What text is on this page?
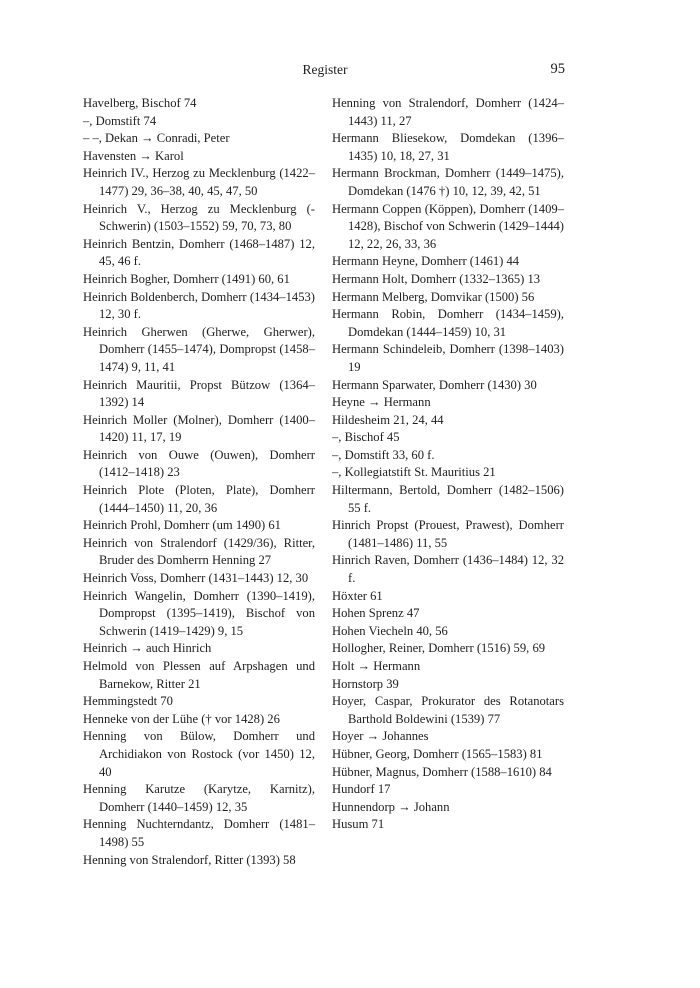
Register	95

Havelberg, Bischof 74

–, Domstift 74

– –, Dekan → Conradi, Peter

Havensten → Karol

Heinrich IV., Herzog zu Mecklenburg (1422–1477) 29, 36–38, 40, 45, 47, 50

Heinrich V., Herzog zu Mecklenburg (-Schwerin) (1503–1552) 59, 70, 73, 80

Heinrich Bentzin, Domherr (1468–1487) 12, 45, 46 f.

Heinrich Bogher, Domherr (1491) 60, 61

Heinrich Boldenberch, Domherr (1434–1453) 12, 30 f.

Heinrich Gherwen (Gherwe, Gherwer), Domherr (1455–1474), Dompropst (1458–1474) 9, 11, 41

Heinrich Mauritii, Propst Bützow (1364–1392) 14

Heinrich Moller (Molner), Domherr (1400–1420) 11, 17, 19

Heinrich von Ouwe (Ouwen), Domherr (1412–1418) 23

Heinrich Plote (Ploten, Plate), Domherr (1444–1450) 11, 20, 36

Heinrich Prohl, Domherr (um 1490) 61

Heinrich von Stralendorf (1429/36), Ritter, Bruder des Domherrn Henning 27

Heinrich Voss, Domherr (1431–1443) 12, 30

Heinrich Wangelin, Domherr (1390–1419), Dompropst (1395–1419), Bischof von Schwerin (1419–1429) 9, 15

Heinrich → auch Hinrich

Helmold von Plessen auf Arpshagen und Barnekow, Ritter 21

Hemmingstedt 70

Henneke von der Lühe († vor 1428) 26

Henning von Bülow, Domherr und Archidiakon von Rostock (vor 1450) 12, 40

Henning Karutze (Karytze, Karnitz), Domherr (1440–1459) 12, 35

Henning Nuchterndantz, Domherr (1481–1498) 55

Henning von Stralendorf, Ritter (1393) 58

Henning von Stralendorf, Domherr (1424–1443) 11, 27

Hermann Bliesekow, Domdekan (1396–1435) 10, 18, 27, 31

Hermann Brockman, Domherr (1449–1475), Domdekan (1476 †) 10, 12, 39, 42, 51

Hermann Coppen (Köppen), Domherr (1409–1428), Bischof von Schwerin (1429–1444) 12, 22, 26, 33, 36

Hermann Heyne, Domherr (1461) 44

Hermann Holt, Domherr (1332–1365) 13

Hermann Melberg, Domvikar (1500) 56

Hermann Robin, Domherr (1434–1459), Domdekan (1444–1459) 10, 31

Hermann Schindeleib, Domherr (1398–1403) 19

Hermann Sparwater, Domherr (1430) 30

Heyne → Hermann

Hildesheim 21, 24, 44

–, Bischof 45

–, Domstift 33, 60 f.

–, Kollegiatstift St. Mauritius 21

Hiltermann, Bertold, Domherr (1482–1506) 55 f.

Hinrich Propst (Prouest, Prawest), Domherr (1481–1486) 11, 55

Hinrich Raven, Domherr (1436–1484) 12, 32 f.

Höxter 61

Hohen Sprenz 47

Hohen Viecheln 40, 56

Hollogher, Reiner, Domherr (1516) 59, 69

Holt → Hermann

Hornstorp 39

Hoyer, Caspar, Prokurator des Rotanotars Barthold Boldewini (1539) 77

Hoyer → Johannes

Hübner, Georg, Domherr (1565–1583) 81

Hübner, Magnus, Domherr (1588–1610) 84

Hundorf 17

Hunnendorp → Johann

Husum 71
